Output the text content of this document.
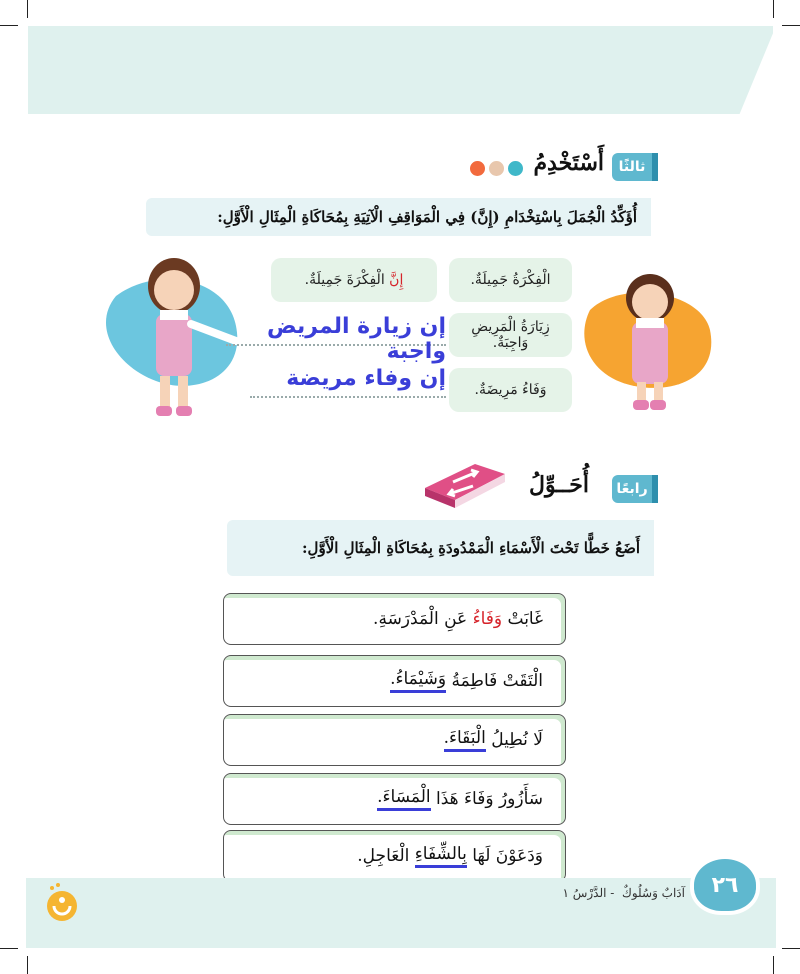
ثالثًا
أَسْتَخْدِمُ
أُؤَكِّدُ الْجُمَلَ بِاسْتِخْدَامِ (إِنَّ) فِي الْمَوَاقِفِ الْآتِيَةِ بِمُحَاكَاةِ الْمِثَالِ الْأَوَّلِ:
الْفِكْرَةُ جَمِيلَةٌ.
زِيَارَةُ الْمَرِيضِ وَاجِبَةٌ.
وَفَاءُ مَرِيضَةٌ.
إِنَّ

الْفِكْرَةَ جَمِيلَةٌ.
إن زيارة المريض واجبة
إن وفاء مريضة
رابعًا
أُحَــوِّلُ
أَضَعُ خَطًّا تَحْتَ الْأَسْمَاءِ الْمَمْدُودَةِ بِمُحَاكَاةِ الْمِثَالِ الْأَوَّلِ:
غَابَتْ

وَفَاءُ

عَنِ الْمَدْرَسَةِ.
الْتَقَتْ فَاطِمَةُ

وَشَيْمَاءُ.
لَا نُطِيلُ

الْبَقَاءَ.
سَأَزُورُ وَفَاءَ هَذَا

الْمَسَاءَ.
وَدَعَوْنَ لَهَا

بِالشِّفَاءِ

الْعَاجِلِ.
آدَابٌ وَسُلُوكٌ  - الدَّرْسُ ١	٢٦
